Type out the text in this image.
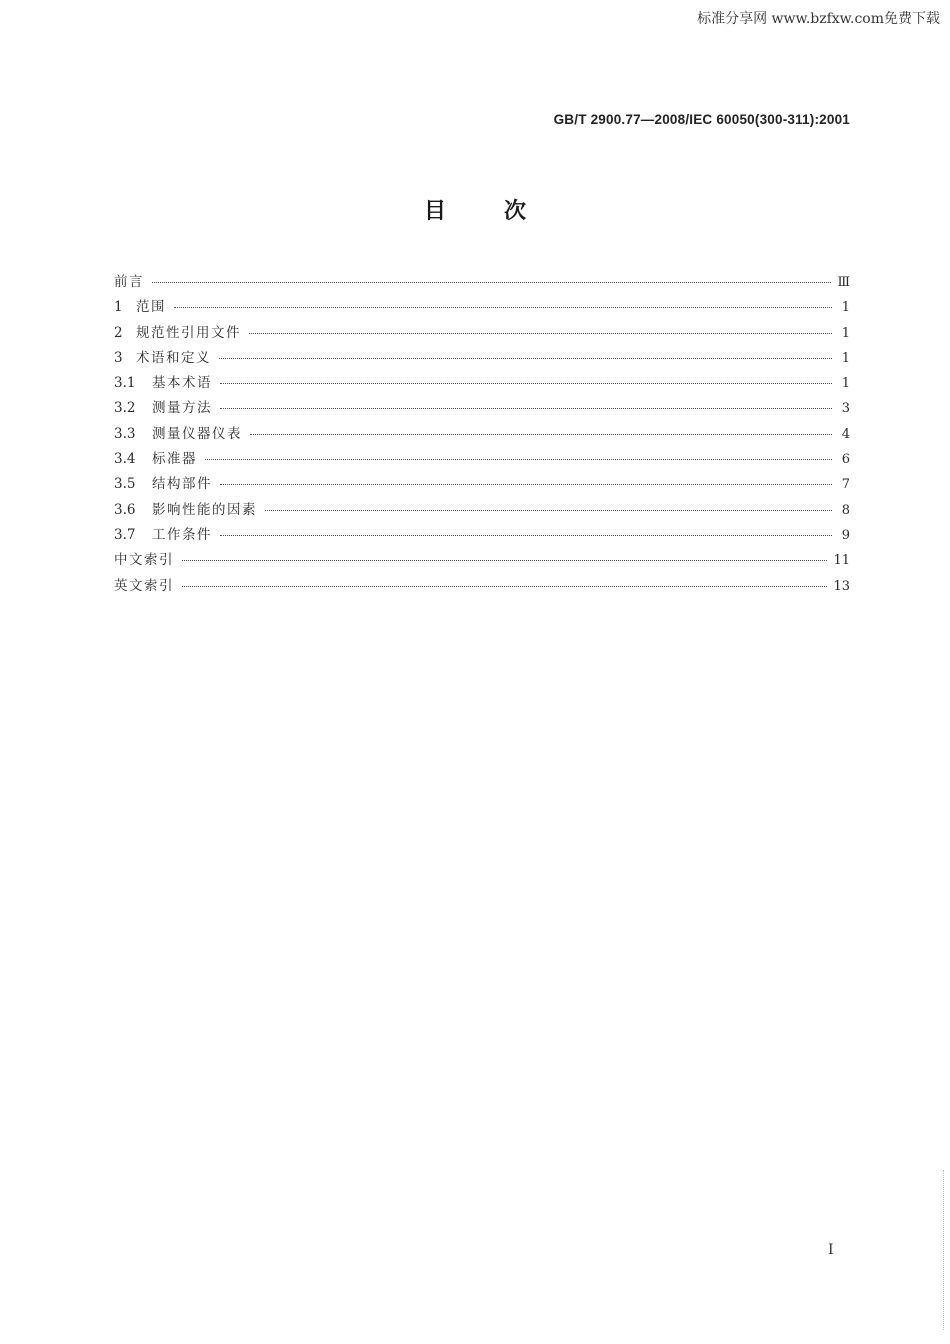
标准分享网 www.bzfxw.com免费下载
GB/T 2900.77—2008/IEC 60050(300-311):2001
目	次
前言	Ⅲ
1 范围	1
2 规范性引用文件	1
3 术语和定义	1
3.1	基本术语	1
3.2	测量方法	3
3.3	测量仪器仪表	4
3.4	标准器	6
3.5	结构部件	7
3.6	影响性能的因素	8
3.7	工作条件	9
中文索引	11
英文索引	13
I
